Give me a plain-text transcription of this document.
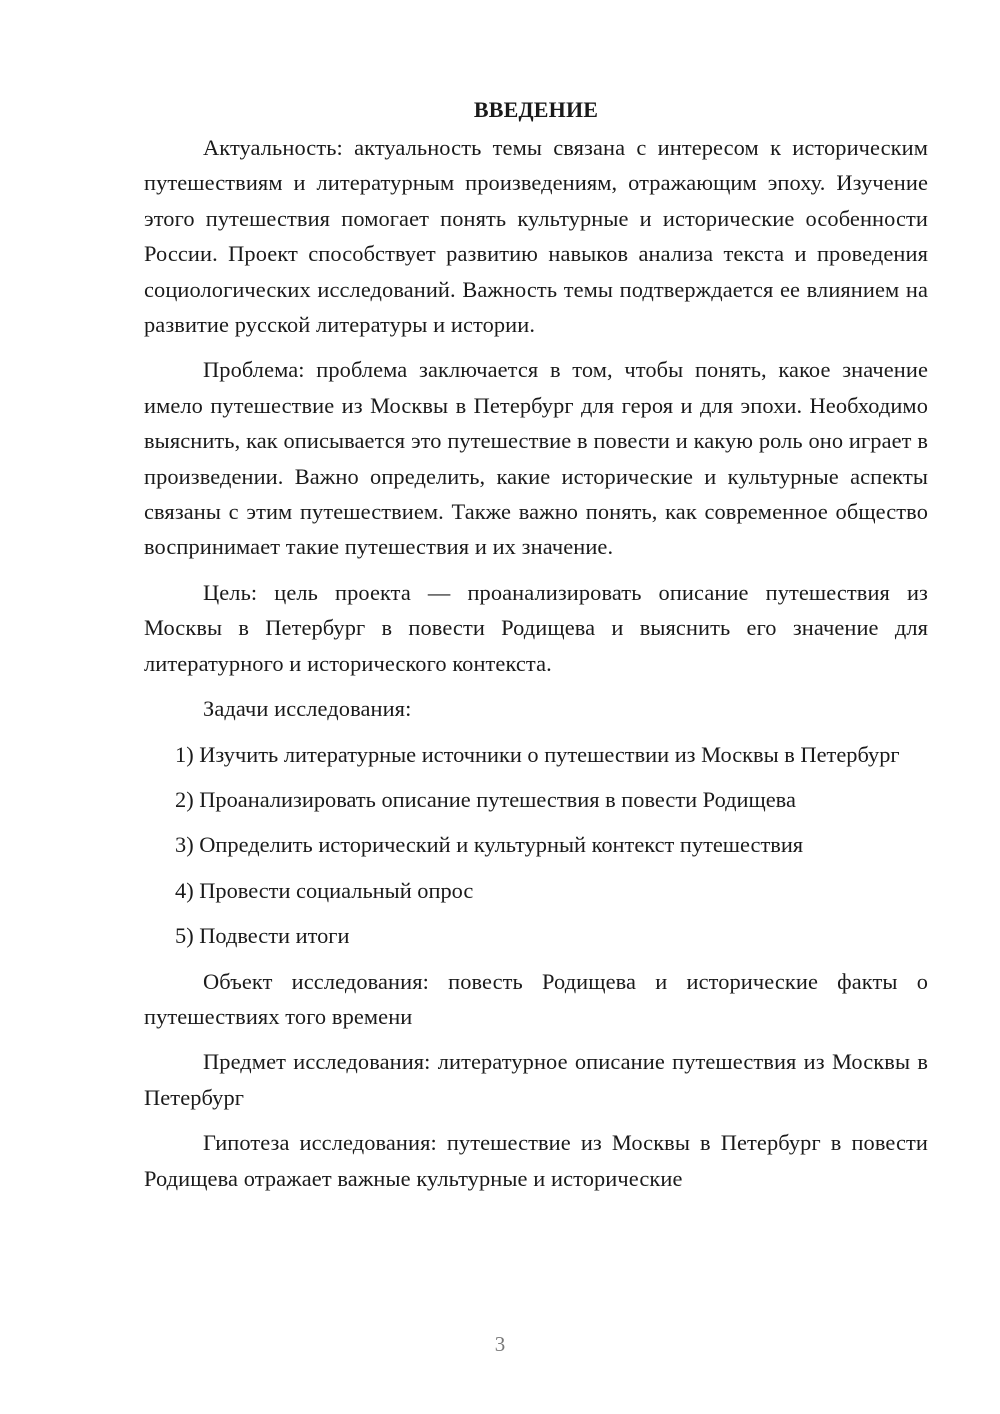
ВВЕДЕНИЕ

Актуальность: актуальность темы связана с интересом к историческим путешествиям и литературным произведениям, отражающим эпоху. Изучение этого путешествия помогает понять культурные и исторические особенности России. Проект способствует развитию навыков анализа текста и проведения социологических исследований. Важность темы подтверждается ее влиянием на развитие русской литературы и истории.

Проблема: проблема заключается в том, чтобы понять, какое значение имело путешествие из Москвы в Петербург для героя и для эпохи. Необходимо выяснить, как описывается это путешествие в повести и какую роль оно играет в произведении. Важно определить, какие исторические и культурные аспекты связаны с этим путешествием. Также важно понять, как современное общество воспринимает такие путешествия и их значение.

Цель: цель проекта — проанализировать описание путешествия из Москвы в Петербург в повести Родищева и выяснить его значение для литературного и исторического контекста.

Задачи исследования:

1) Изучить литературные источники о путешествии из Москвы в Петербург

2) Проанализировать описание путешествия в повести Родищева

3) Определить исторический и культурный контекст путешествия

4) Провести социальный опрос

5) Подвести итоги

Объект исследования: повесть Родищева и исторические факты о путешествиях того времени

Предмет исследования: литературное описание путешествия из Москвы в Петербург

Гипотеза исследования: путешествие из Москвы в Петербург в повести Родищева отражает важные культурные и исторические

3
